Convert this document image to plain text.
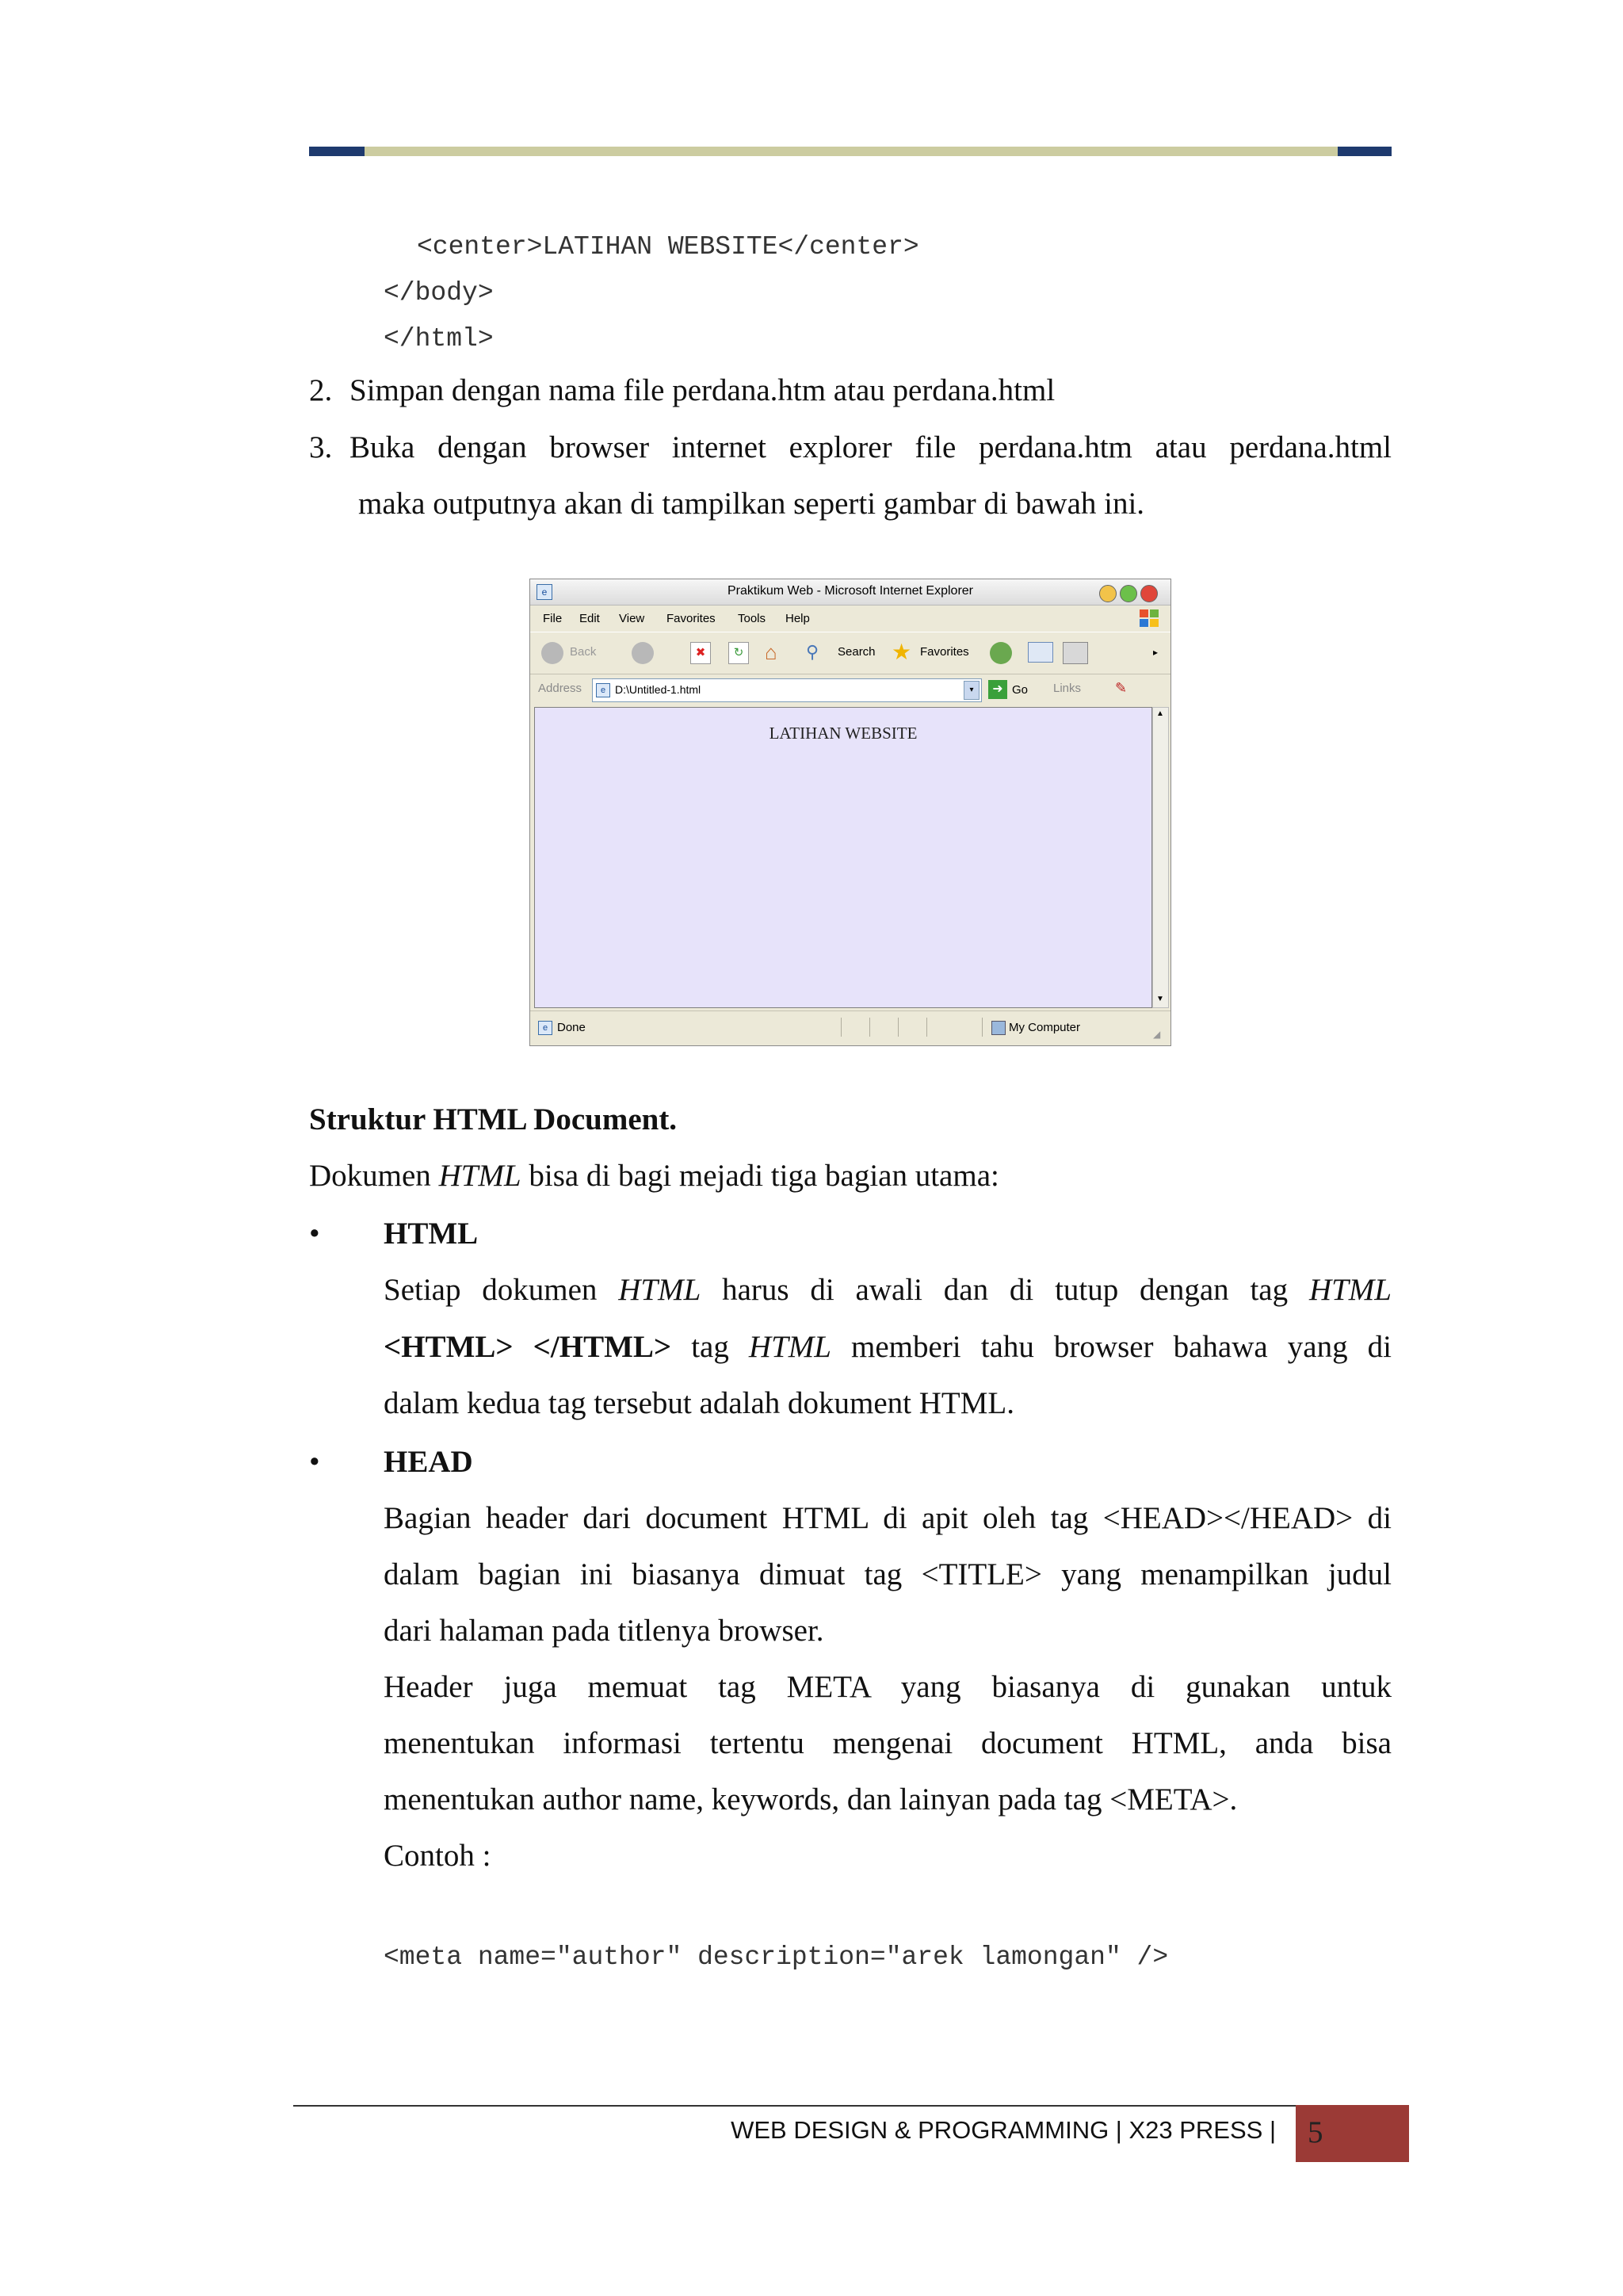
<center>LATIHAN WEBSITE</center>
</body>
</html>
2. Simpan dengan nama file perdana.htm atau perdana.html
3. Buka dengan browser internet explorer file perdana.htm atau perdana.html
maka outputnya akan di tampilkan seperti gambar di bawah ini.
e	Praktikum Web - Microsoft Internet Explorer
File Edit View Favorites Tools Help
Back	✖	↻ ⌂	⚲ Search ★ Favorites	▸
Address	e D:\Untitled-1.html	▾	➜ Go Links ✎
LATIHAN WEBSITE
▲
▼
e Done	My Computer	◢
Struktur HTML Document.
Dokumen HTML bisa di bagi mejadi tiga bagian utama:
• HTML
Setiap dokumen HTML harus di awali dan di tutup dengan tag HTML
<HTML> </HTML> tag HTML memberi tahu browser bahawa yang di
dalam kedua tag tersebut adalah dokument HTML.
• HEAD
Bagian header dari document HTML di apit oleh tag <HEAD></HEAD> di
dalam bagian ini biasanya dimuat tag <TITLE> yang menampilkan judul
dari halaman pada titlenya browser.
Header juga memuat tag META yang biasanya di gunakan untuk
menentukan informasi tertentu mengenai document HTML, anda bisa
menentukan author name, keywords, dan lainyan pada tag <META>.
Contoh :
<meta name="author" description="arek lamongan" />
WEB DESIGN & PROGRAMMING | X23 PRESS | 5
